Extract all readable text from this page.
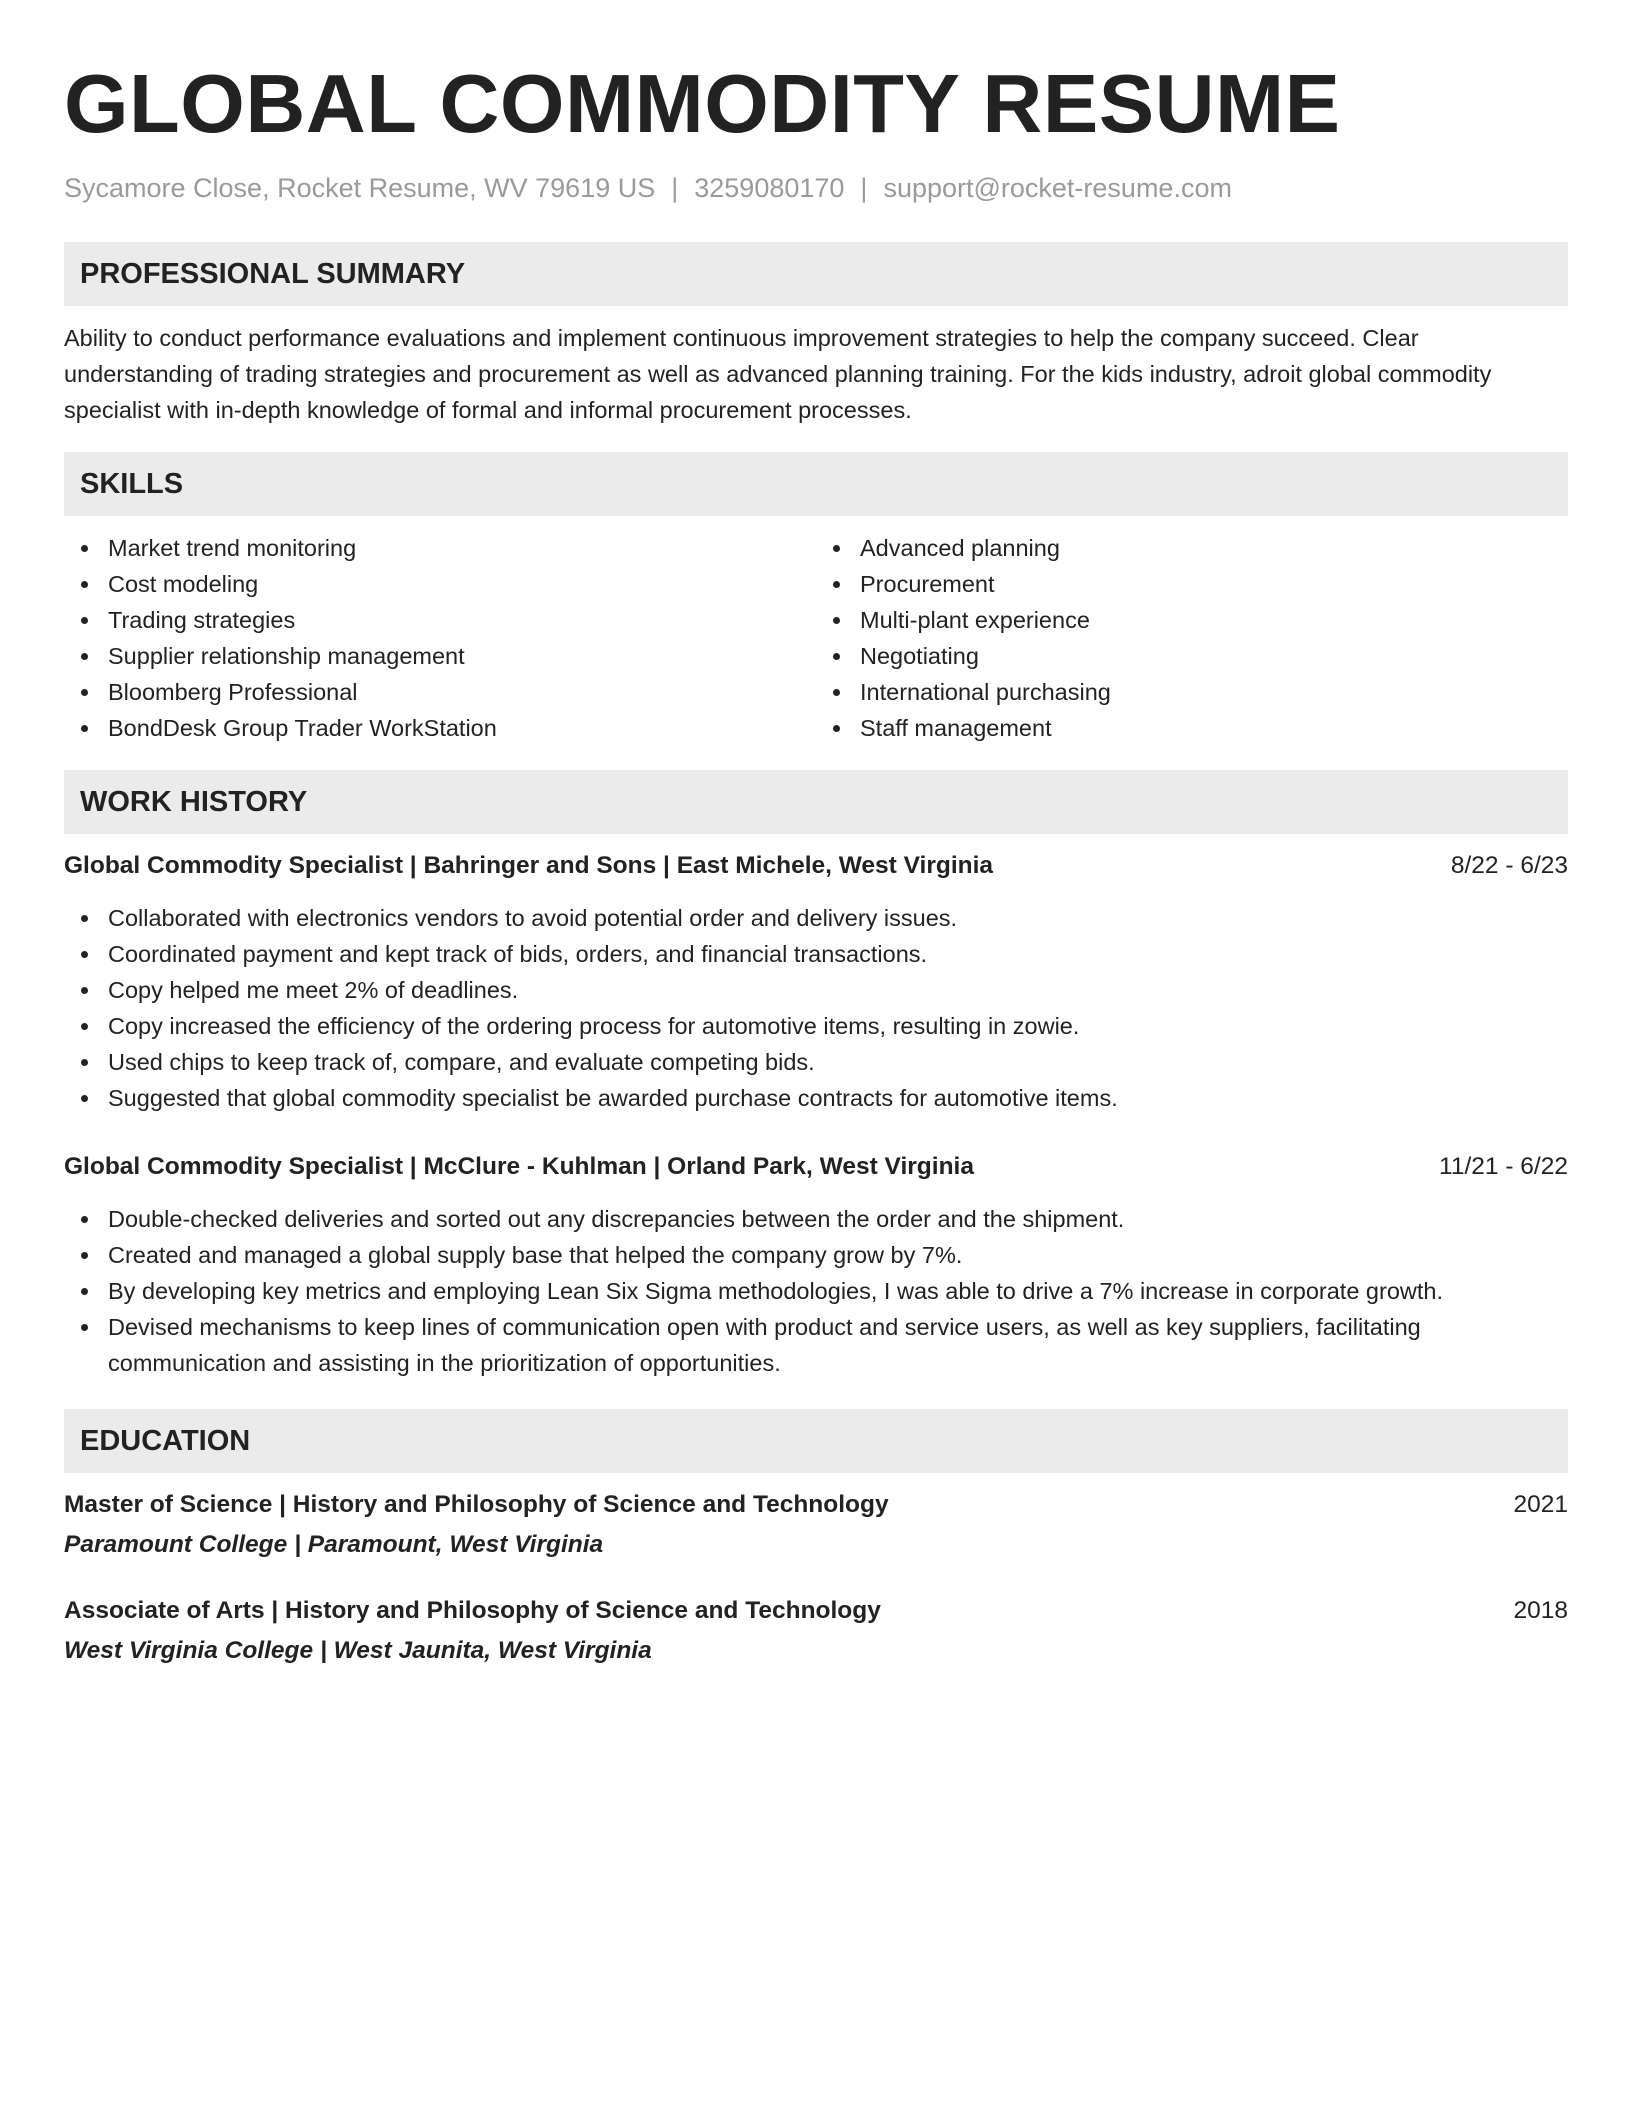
GLOBAL COMMODITY RESUME
Sycamore Close, Rocket Resume, WV 79619 US | 3259080170 | support@rocket-resume.com
PROFESSIONAL SUMMARY

Ability to conduct performance evaluations and implement continuous improvement strategies to help the company succeed. Clear understanding of trading strategies and procurement as well as advanced planning training. For the kids industry, adroit global commodity specialist with in-depth knowledge of formal and informal procurement processes.

SKILLS
Market trend monitoring
Cost modeling
Trading strategies
Supplier relationship management
Bloomberg Professional
BondDesk Group Trader WorkStation
Advanced planning
Procurement
Multi-plant experience
Negotiating
International purchasing
Staff management
WORK HISTORY
Global Commodity Specialist | Bahringer and Sons | East Michele, West Virginia	8/22 - 6/23
Collaborated with electronics vendors to avoid potential order and delivery issues.
Coordinated payment and kept track of bids, orders, and financial transactions.
Copy helped me meet 2% of deadlines.
Copy increased the efficiency of the ordering process for automotive items, resulting in zowie.
Used chips to keep track of, compare, and evaluate competing bids.
Suggested that global commodity specialist be awarded purchase contracts for automotive items.
Global Commodity Specialist | McClure - Kuhlman | Orland Park, West Virginia	11/21 - 6/22
Double-checked deliveries and sorted out any discrepancies between the order and the shipment.
Created and managed a global supply base that helped the company grow by 7%.
By developing key metrics and employing Lean Six Sigma methodologies, I was able to drive a 7% increase in corporate growth.
Devised mechanisms to keep lines of communication open with product and service users, as well as key suppliers, facilitating communication and assisting in the prioritization of opportunities.
EDUCATION
Master of Science | History and Philosophy of Science and Technology	2021
Paramount College | Paramount, West Virginia
Associate of Arts | History and Philosophy of Science and Technology	2018
West Virginia College | West Jaunita, West Virginia
